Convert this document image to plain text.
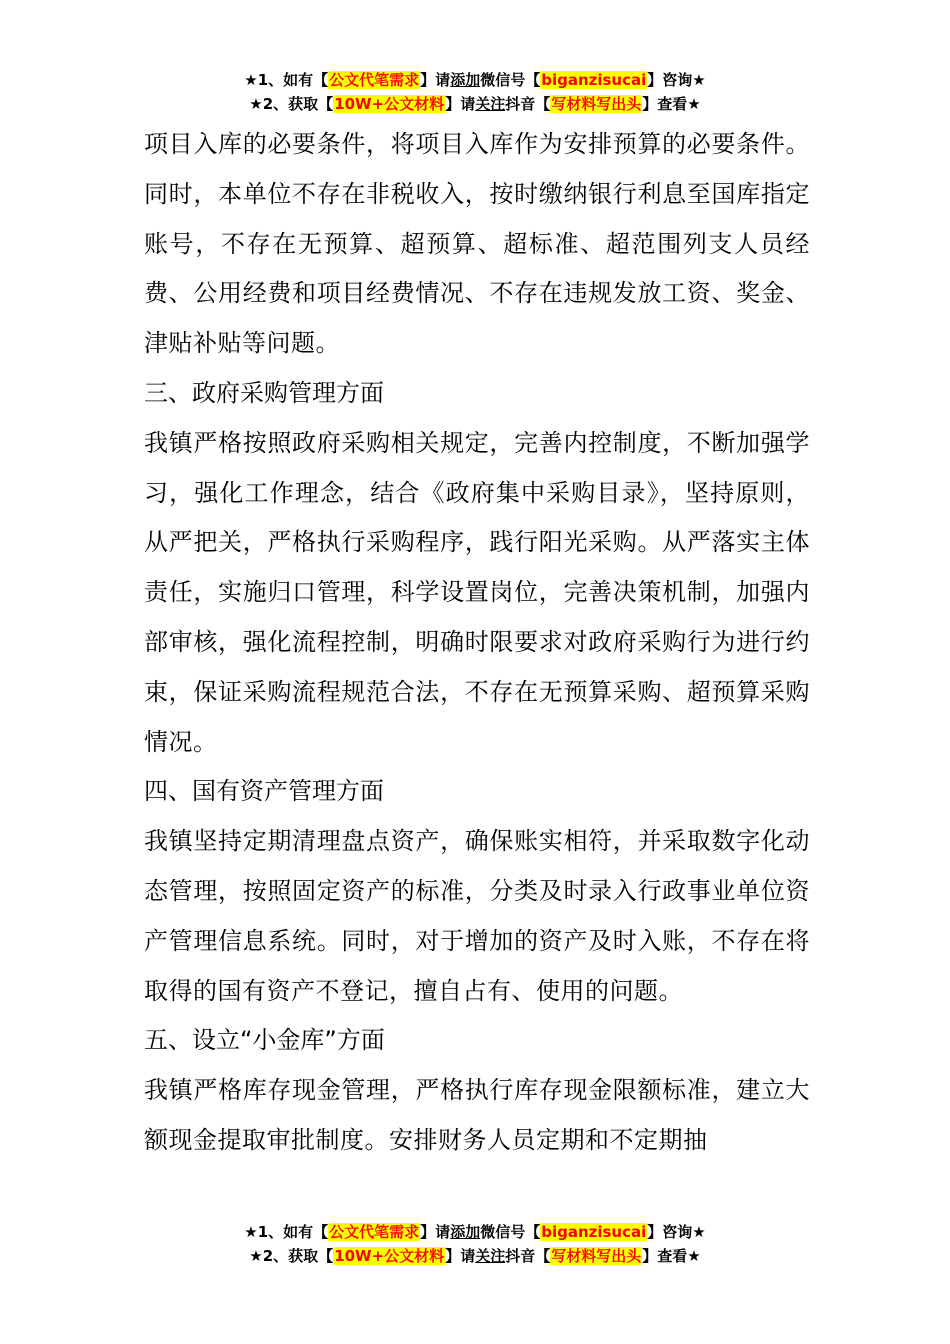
★1、如有【公文代笔需求】请添加微信号【biganzisucai】咨询★
★2、获取【10W+公文材料】请关注抖音【写材料写出头】查看★

项目入库的必要条件，将项目入库作为安排预算的必要条件。同时，本单位不存在非税收入，按时缴纳银行利息至国库指定账号，不存在无预算、超预算、超标准、超范围列支人员经费、公用经费和项目经费情况、不存在违规发放工资、奖金、津贴补贴等问题。

三、政府采购管理方面

我镇严格按照政府采购相关规定，完善内控制度，不断加强学习，强化工作理念，结合《政府集中采购目录》，坚持原则，从严把关，严格执行采购程序，践行阳光采购。从严落实主体责任，实施归口管理，科学设置岗位，完善决策机制，加强内部审核，强化流程控制，明确时限要求对政府采购行为进行约束，保证采购流程规范合法，不存在无预算采购、超预算采购情况。

四、国有资产管理方面

我镇坚持定期清理盘点资产，确保账实相符，并采取数字化动态管理，按照固定资产的标准，分类及时录入行政事业单位资产管理信息系统。同时，对于增加的资产及时入账，不存在将取得的国有资产不登记，擅自占有、使用的问题。

五、设立“小金库”方面

我镇严格库存现金管理，严格执行库存现金限额标准，建立大额现金提取审批制度。安排财务人员定期和不定期抽

★1、如有【公文代笔需求】请添加微信号【biganzisucai】咨询★
★2、获取【10W+公文材料】请关注抖音【写材料写出头】查看★
